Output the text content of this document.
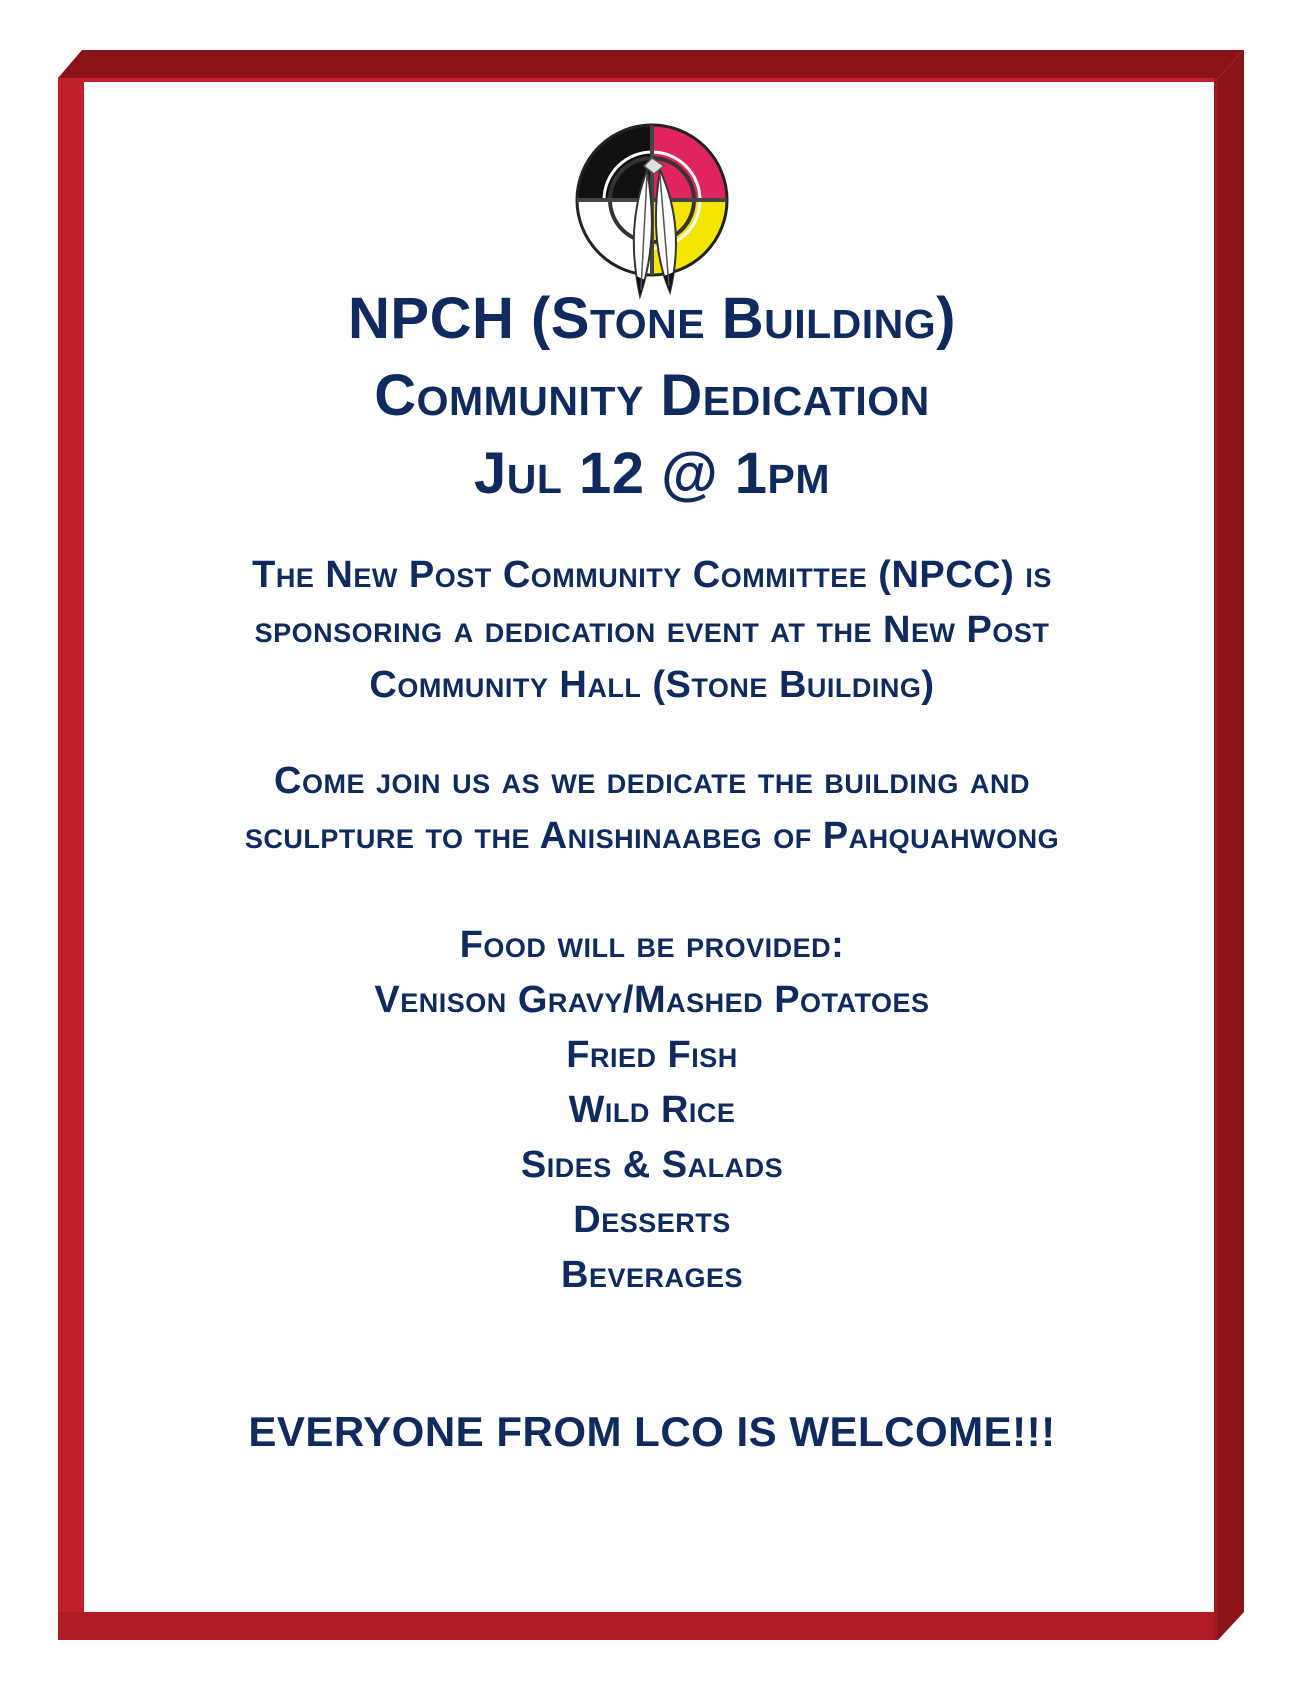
NPCH (Stone Building)
Community Dedication
Jul 12 @ 1pm
The New Post Community Committee (NPCC) is
sponsoring a dedication event at the New Post
Community Hall (Stone Building)
Come join us as we dedicate the building and
sculpture to the Anishinaabeg of Pahquahwong
Food will be provided:
Venison Gravy/Mashed Potatoes
Fried Fish
Wild Rice
Sides & Salads
Desserts
Beverages
EVERYONE FROM LCO IS WELCOME!!!
